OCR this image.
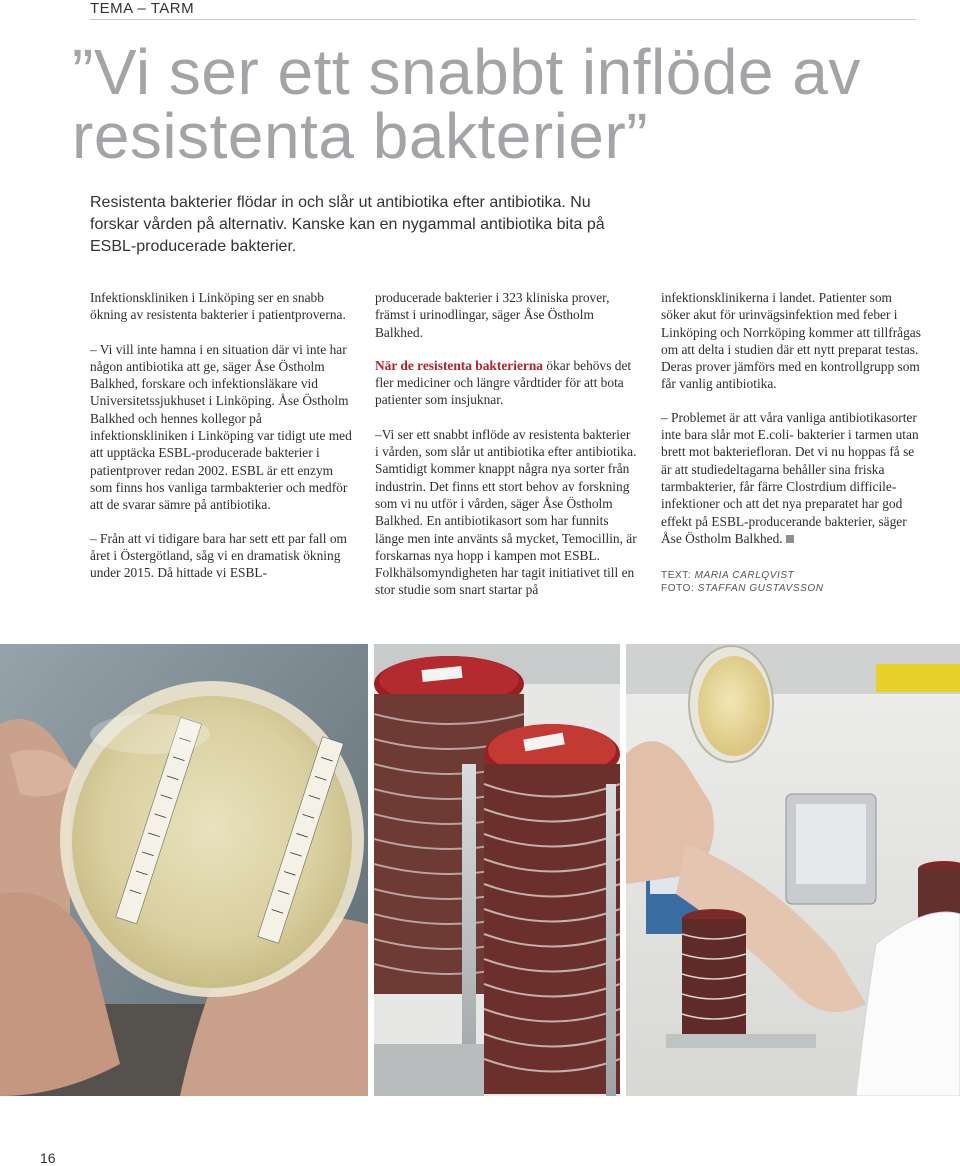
TEMA – TARM
”Vi ser ett snabbt inflöde av resistenta bakterier”
Resistenta bakterier flödar in och slår ut antibiotika efter antibiotika. Nu forskar vården på alternativ. Kanske kan en nygammal antibiotika bita på ESBL-producerade bakterier.

Infektionskliniken i Linköping ser en snabb ökning av resistenta bakterier i patientproverna.

– Vi vill inte hamna i en situation där vi inte har någon antibiotika att ge, säger Åse Östholm Balkhed, forskare och infektionsläkare vid Universitetssjukhuset i Linköping. Åse Östholm Balkhed och hennes kollegor på infektionskliniken i Linköping var tidigt ute med att upptäcka ESBL-producerade bakterier i patientprover redan 2002. ESBL är ett enzym som finns hos vanliga tarmbakterier och medför att de svarar sämre på antibiotika.

– Från att vi tidigare bara har sett ett par fall om året i Östergötland, såg vi en dramatisk ökning under 2015. Då hittade vi ESBL-

producerade bakterier i 323 kliniska prover, främst i urinodlingar, säger Åse Östholm Balkhed.

När de resistenta bakterierna ökar behövs det fler mediciner och längre vårdtider för att bota patienter som insjuknar.

–Vi ser ett snabbt inflöde av resistenta bakterier i vården, som slår ut antibiotika efter antibiotika. Samtidigt kommer knappt några nya sorter från industrin. Det finns ett stort behov av forskning som vi nu utför i vården, säger Åse Östholm Balkhed. En antibiotikasort som har funnits länge men inte använts så mycket, Temocillin, är forskarnas nya hopp i kampen mot ESBL. Folkhälsomyndigheten har tagit initiativet till en stor studie som snart startar på

infektionsklinikerna i landet. Patienter som söker akut för urinvägsinfektion med feber i Linköping och Norrköping kommer att tillfrågas om att delta i studien där ett nytt preparat testas. Deras prover jämförs med en kontrollgrupp som får vanlig antibiotika.

– Problemet är att våra vanliga antibiotikasorter inte bara slår mot E.coli- bakterier i tarmen utan brett mot bakteriefloran. Det vi nu hoppas få se är att studiedeltagarna behåller sina friska tarmbakterier, får färre Clostrdium difficile-infektioner och att det nya preparatet har god effekt på ESBL-producerande bakterier, säger Åse Östholm Balkhed.

TEXT: MARIA CARLQVIST
FOTO: STAFFAN GUSTAVSSON
16
